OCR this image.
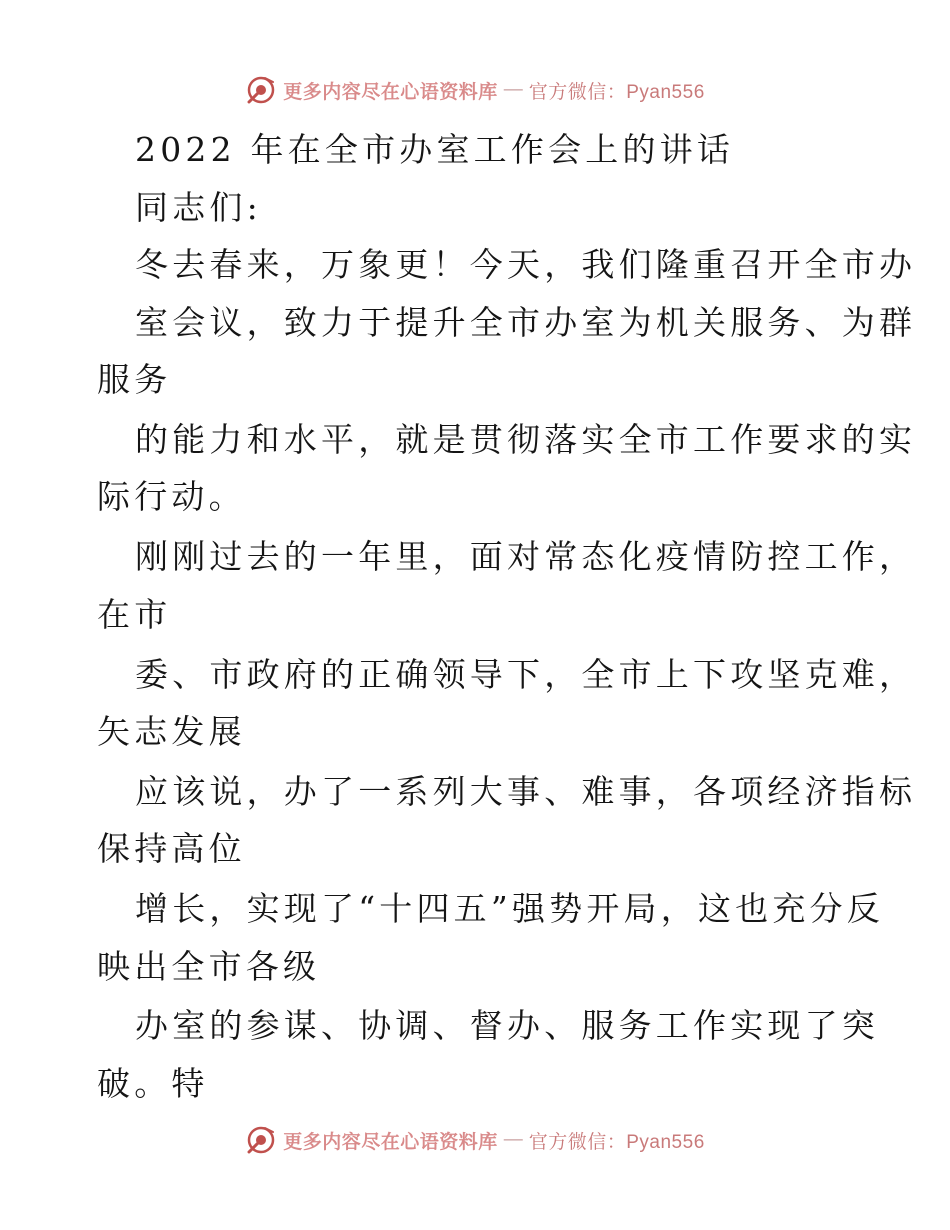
更多内容尽在心语资料库 — 官方微信：Pyan556
2022 年在全市办室工作会上的讲话
同志们:
冬去春来，万象更！今天，我们隆重召开全市办
室会议，致力于提升全市办室为机关服务、为群
服务
的能力和水平，就是贯彻落实全市工作要求的实
际行动。
刚刚过去的一年里，面对常态化疫情防控工作，
在市
委、市政府的正确领导下，全市上下攻坚克难，
矢志发展
应该说，办了一系列大事、难事，各项经济指标
保持高位
增长，实现了“十四五”强势开局，这也充分反
映出全市各级
办室的参谋、协调、督办、服务工作实现了突
破。特
更多内容尽在心语资料库 — 官方微信：Pyan556
